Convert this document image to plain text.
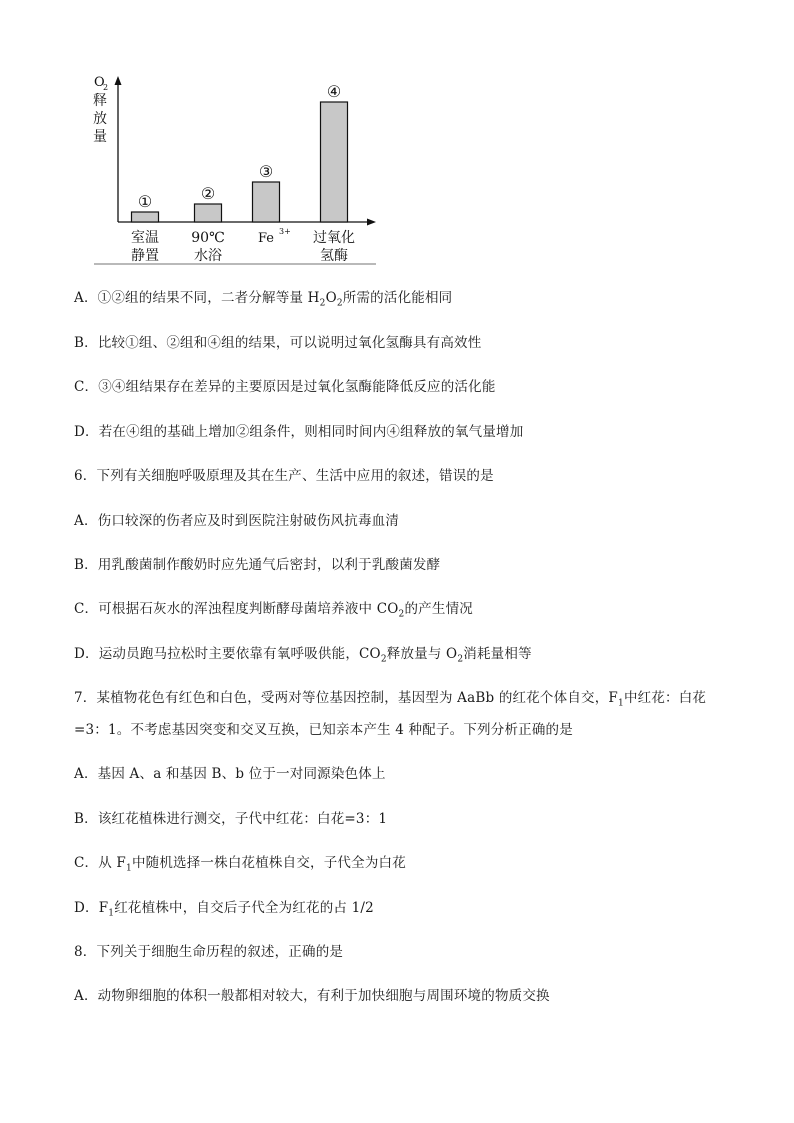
O
2
释
放
量
①	②
③
④
室温
静置
90℃
水浴
Fe 3+ 过氧化
氢酶
A．①②组的结果不同，二者分解等量 $H_2O_2$所需的活化能相同
B．比较①组、②组和④组的结果，可以说明过氧化氢酶具有高效性
C．③④组结果存在差异的主要原因是过氧化氢酶能降低反应的活化能
D．若在④组的基础上增加②组条件，则相同时间内④组释放的氧气量增加
6．下列有关细胞呼吸原理及其在生产、生活中应用的叙述，错误的是
A．伤口较深的伤者应及时到医院注射破伤风抗毒血清
B．用乳酸菌制作酸奶时应先通气后密封，以利于乳酸菌发酵
C．可根据石灰水的浑浊程度判断酵母菌培养液中 $CO_2$的产生情况
D．运动员跑马拉松时主要依靠有氧呼吸供能，$CO_2$释放量与 $O_2$消耗量相等
7．某植物花色有红色和白色，受两对等位基因控制，基因型为 AaBb 的红花个体自交，$F_1$中红花：白花
=3：1。不考虑基因突变和交叉互换，已知亲本产生 4 种配子。下列分析正确的是
A．基因 A、a 和基因 B、b 位于一对同源染色体上
B．该红花植株进行测交，子代中红花：白花=3：1
C．从 $F_1$中随机选择一株白花植株自交，子代全为白花
D．$F_1$红花植株中，自交后子代全为红花的占 1/2
8．下列关于细胞生命历程的叙述，正确的是
A．动物卵细胞的体积一般都相对较大，有利于加快细胞与周围环境的物质交换
